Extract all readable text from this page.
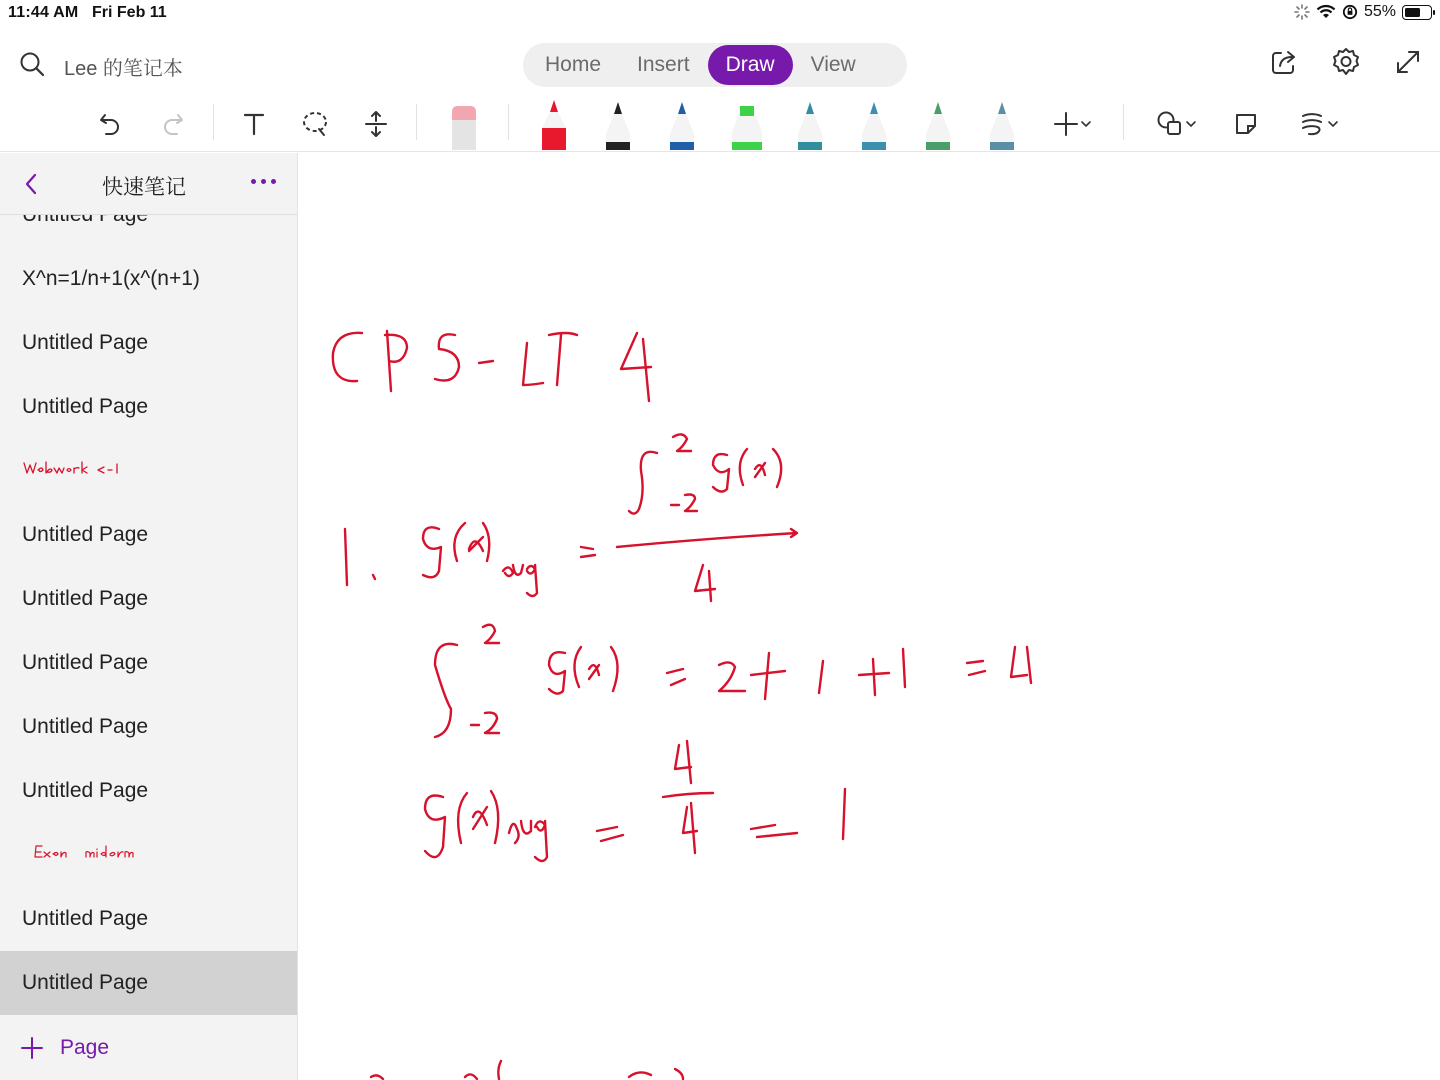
11:44 AM Fri Feb 11	55%
Lee 的笔记本	Home	Insert	Draw	View
X^n=1/n+1(x^(n+1)
Untitled Page
Untitled Page
Untitled Page
Untitled Page
Untitled Page
Untitled Page
Untitled Page
Untitled Page
Untitled Page
快速笔记
Page
